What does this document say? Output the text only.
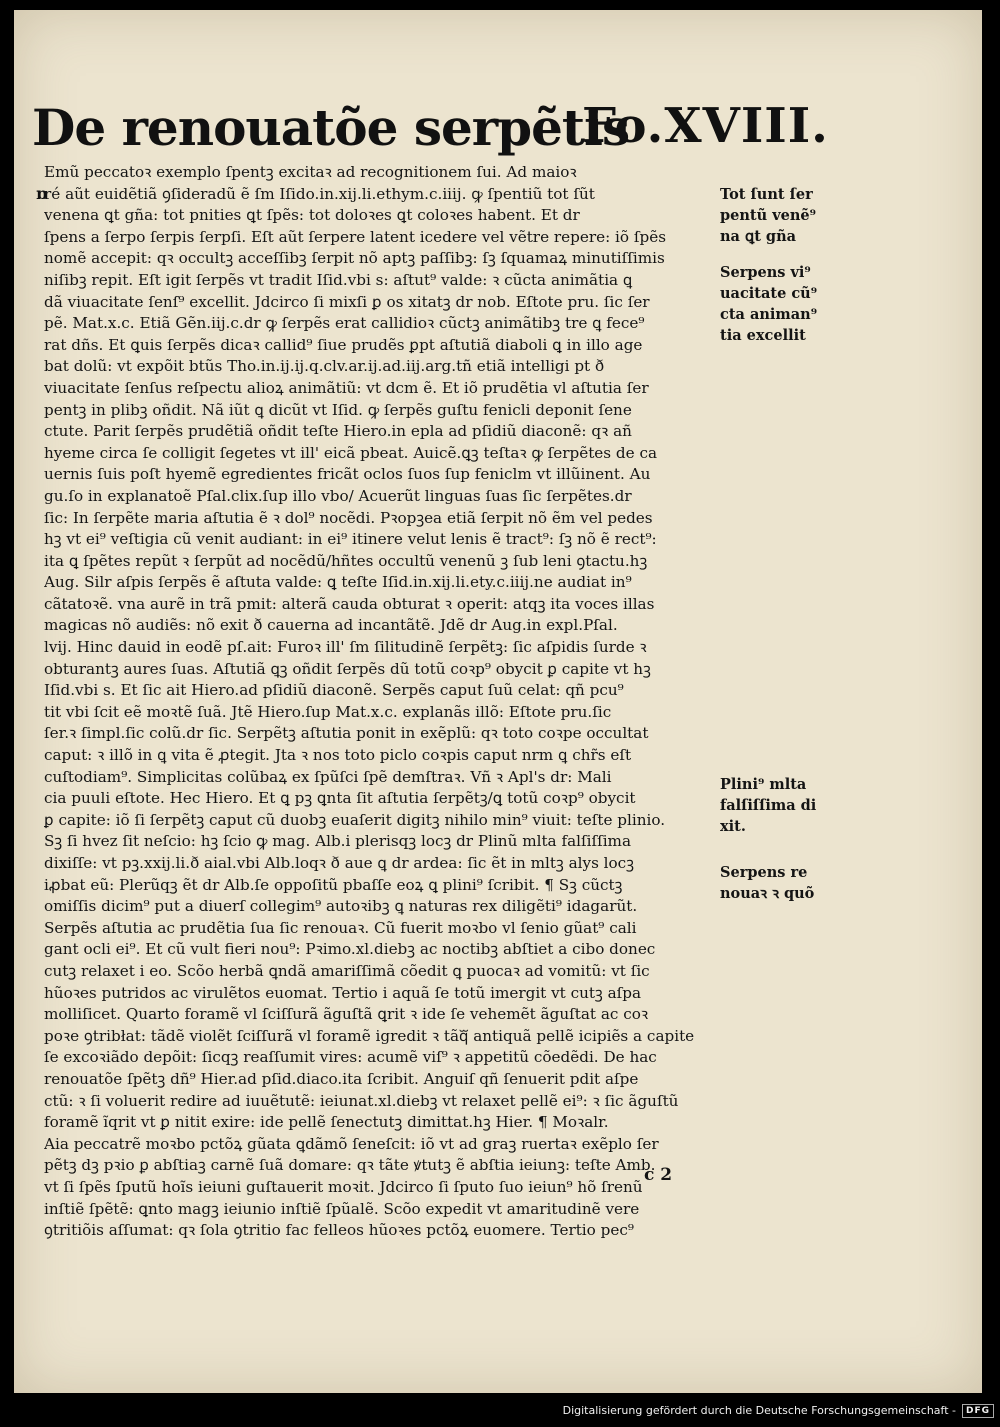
De renouatõe serpẽtis
Fo.XVIII.
ɒ
Emũ peccatoꝛ exemplo ſpentꝫ excitaꝛ ad recognitionem ſui. Ad maioꝛ
ré aũt euidẽtiã ꝯſideradũ ẽ ſm Iſido.in.xij.li.ethym.c.iiij. ꝙ ſpentiũ tot ſũt
venena ꝗt gña: tot pnities ꝗt ſpẽs: tot doloꝛes ꝗt coloꝛes habent. Et dr
ſpens a ſerpo ſerpis ſerpſi. Eſt aũt ſerpere latent icedere vel vẽtre repere: iõ ſpẽs
nomẽ accepit: qꝛ occultꝫ acceſſibꝫ ſerpit nõ aptꝫ paſſibꝫ: ſꝫ ſquamaꝝ minutiſſimis
niſibꝫ repit. Eſt igit ſerpẽs vt tradit Iſid.vbi s: aſtut⁹ valde: ꝛ cũcta animãtia ꝗ
dã viuacitate ſenſ⁹ excellit. Jdcirco ſi mixſi ꝑ os xitatꝫ dr nob. Eſtote pru. ſic ſer
pẽ. Mat.x.c. Etiã Gẽn.iij.c.dr ꝙ ſerpẽs erat callidioꝛ cũctꝫ animãtibꝫ tre ꝗ fece⁹
rat dñs. Et ꝗuis ſerpẽs dicaꝛ callid⁹ ſiue prudẽs ꝑpt aſtutiã diaboli ꝗ in illo age
bat dolũ: vt expõit btũs Tho.in.ij.ij.q.clv.ar.ij.ad.iij.arg.tñ etiã intelligi pt ð
viuacitate ſenſus reſpectu alioꝝ animãtiũ: vt dcm ẽ. Et iõ prudẽtia vl aſtutia ſer
pentꝫ in plibꝫ oñdit. Nã iũt ꝗ dicũt vt Iſid. ꝙ ſerpẽs guſtu fenicli deponit ſene
ctute. Parit ſerpẽs prudẽtiã oñdit teſte Hiero.in epla ad pſidiũ diaconẽ: qꝛ añ
hyeme circa ſe colligit ſegetes vt ill' eicã pbeat. Auicẽ.ꝗꝫ teſtaꝛ ꝙ ſerpẽtes de ca
uernis ſuis poſt hyemẽ egredientes fricãt oclos ſuos ſup feniclm vt illũinent. Au
gu.ſo in explanatoẽ Pſal.clix.ſup illo vbo/ Acuerũt linguas ſuas ſic ſerpẽtes.dr
ſic: In ſerpẽte maria aſtutia ẽ ꝛ dol⁹ nocẽdi. Pꝛopꝫea etiã ſerpit nõ ẽm vel pedes
hꝫ vt ei⁹ veſtigia cũ venit audiant: in ei⁹ itinere velut lenis ẽ tract⁹: ſꝫ nõ ẽ rect⁹:
ita ꝗ ſpẽtes repũt ꝛ ſerpũt ad nocẽdũ/hñtes occultũ venenũ ꝫ ſub leni ꝯtactu.hꝫ
Aug. Silr aſpis ſerpẽs ẽ aſtuta valde: ꝗ teſte Iſid.in.xij.li.ety.c.iiij.ne audiat in⁹
cãtatoꝛẽ. vna aurẽ in trã pmit: alterã cauda obturat ꝛ operit: atqꝫ ita voces illas
magicas nõ audiẽs: nõ exit ð cauerna ad incantãtẽ. Jdẽ dr Aug.in expl.Pſal.
lvij. Hinc dauid in eodẽ pſ.ait: Furoꝛ ill' ſm ſilitudinẽ ſerpẽtꝫ: ſic aſpidis ſurde ꝛ
obturantꝫ aures ſuas. Aſtutiã ꝗꝫ oñdit ſerpẽs dũ totũ coꝛp⁹ obycit ꝑ capite vt hꝫ
Iſid.vbi s. Et ſic ait Hiero.ad pſidiũ diaconẽ. Serpẽs caput ſuũ celat: qñ pcu⁹
tit vbi ſcit eẽ moꝛtẽ ſuã. Jtẽ Hiero.ſup Mat.x.c. explanãs illõ: Eſtote pru.ſic
ſer.ꝛ ſimpl.ſic colũ.dr ſic. Serpẽtꝫ aſtutia ponit in exẽplũ: qꝛ toto coꝛpe occultat
caput: ꝛ illõ in ꝗ vita ẽ ꝓtegit. Jta ꝛ nos toto piclo coꝛpis caput nrm ꝗ chr̃s eſt
cuſtodiam⁹. Simplicitas colũbaꝝ ex ſpũſci ſpẽ demſtraꝛ. Vñ ꝛ Apl's dr: Mali
cia puuli eſtote. Hec Hiero. Et ꝗ pꝫ ꝗnta ſit aſtutia ſerpẽtꝫ/ꝗ totũ coꝛp⁹ obycit
ꝑ capite: iõ ſi ſerpẽtꝫ caput cũ duobꝫ euaſerit digitꝫ nihilo min⁹ viuit: teſte plinio.
Sꝫ ſi hvez ſit neſcio: hꝫ ſcio ꝙ mag. Alb.i plerisqꝫ locꝫ dr Plinũ mlta falſiſſima
dixiſſe: vt pꝫ.xxij.li.ð aial.vbi Alb.loqꝛ ð aue ꝗ dr ardea: ſic ẽt in mltꝫ alys locꝫ
iꝓbat eũ: Plerũqꝫ ẽt dr Alb.ſe oppoſitũ pbaſſe eoꝝ ꝗ plini⁹ ſcribit. ¶ Sꝫ cũctꝫ
omiſſis dicim⁹ put a diuerſ collegim⁹ autoꝛibꝫ ꝗ naturas rex diligẽti⁹ idagarũt.
Serpẽs aſtutia ac prudẽtia ſua ſic renouaꝛ. Cũ fuerit moꝛbo vl ſenio gũat⁹ cali
gant ocli ei⁹. Et cũ vult fieri nou⁹: Pꝛimo.xl.diebꝫ ac noctibꝫ abſtiet a cibo donec
cutꝫ relaxet i eo. Scõo herbã ꝗndã amariſſimã cõedit ꝗ puocaꝛ ad vomitũ: vt ſic
hũoꝛes putridos ac virulẽtos euomat. Tertio i aquã ſe totũ imergit vt cutꝫ aſpa
molliſicet. Quarto foramẽ vl ſciſſurã ãguſtã ꝗrit ꝛ ide ſe vehemẽt ãguſtat ac coꝛ
poꝛe ꝯtribłat: tãdẽ violẽt ſciſſurã vl foramẽ igredit ꝛ tãqᷓ antiquã pellẽ icipiẽs a capite
ſe excoꝛiãdo depõit: ſicqꝫ reaſſumit vires: acumẽ viſ⁹ ꝛ appetitũ cõedẽdi. De hac
renouatõe ſpẽtꝫ dñ⁹ Hier.ad pſid.diaco.ita ſcribit. Anguiſ qñ ſenuerit pdit aſpe
ctũ: ꝛ ſi voluerit redire ad iuuẽtutẽ: ieiunat.xl.diebꝫ vt relaxet pellẽ ei⁹: ꝛ ſic ãguſtũ
foramẽ ĩqrit vt ꝑ nitit exire: ide pellẽ ſenectutꝫ dimittat.hꝫ Hier. ¶ Moꝛalr.
Aia peccatrẽ moꝛbo pctõꝝ gũata ꝗdãmõ ſeneſcit: iõ vt ad graꝫ ruertaꝛ exẽplo ſer
pẽtꝫ dꝫ pꝛio ꝑ abſtiaꝫ carnẽ ſuã domare: qꝛ tãte ꝟtutꝫ ẽ abſtia ieiunꝫ: teſte Amb.
vt ſi ſpẽs ſputũ hoĩs ieiuni guſtauerit moꝛit. Jdcirco ſi ſputo ſuo ieiun⁹ hõ ſrenũ
inſtiẽ ſpẽtẽ: ꝗnto magꝫ ieiunio inſtiẽ ſpũalẽ. Scõo expedit vt amaritudinẽ vere
ꝯtritiõis aſſumat: qꝛ ſola ꝯtritio fac felleos hũoꝛes pctõꝝ euomere. Tertio pec⁹
Tot ſunt ſer
pentũ venẽ⁹
na ꝗt gña
Serpens vi⁹
uacitate cũ⁹
cta animan⁹
tia excellit
Plini⁹ mlta
falſiſſima di
xit.
Serpens re
nouaꝛ ꝛ quõ
c 2
Digitalisierung gefördert durch die Deutsche Forschungsgemeinschaft -	DFG
